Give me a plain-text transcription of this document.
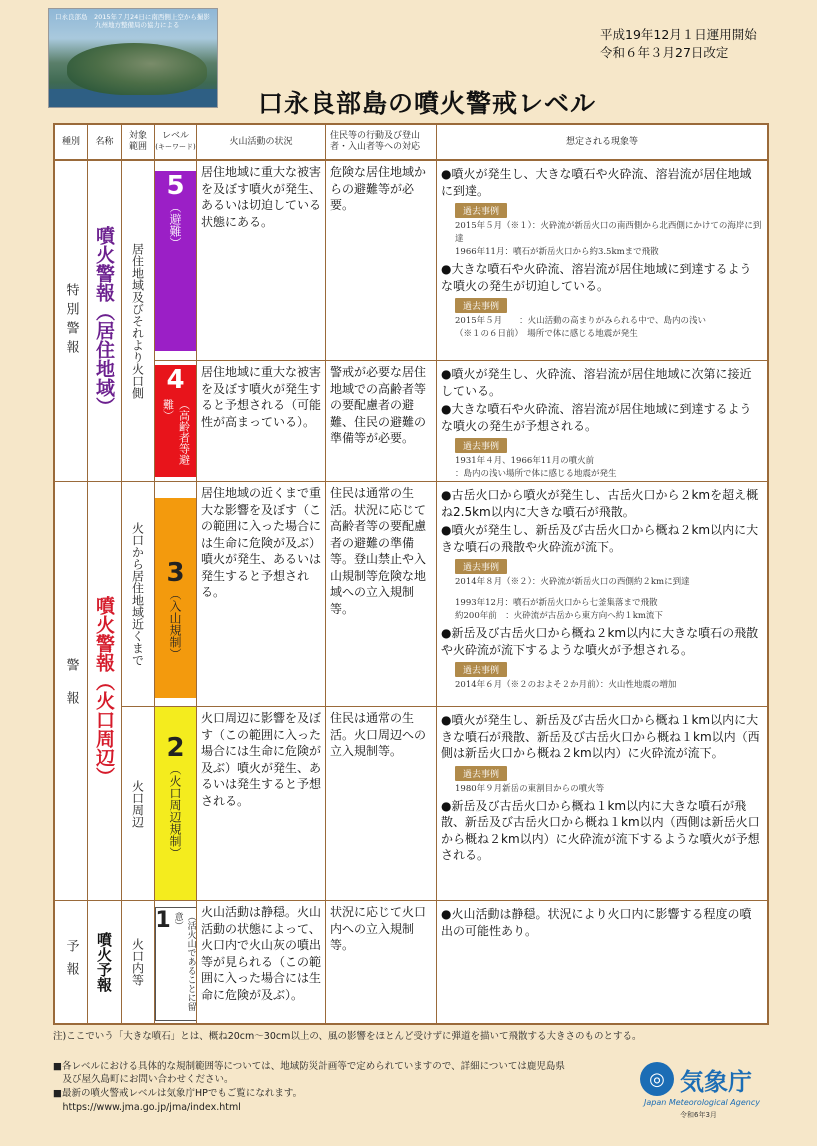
口永良部島　2015年７月24日に南西側上空から撮影
九州地方整備局の協力による
平成19年12月１日運用開始
令和６年３月27日改定
口永良部島の噴火警戒レベル
種別	名称
対象範囲
レベル
(キーワード)
火山活動の状況
住民等の行動及び登山者・入山者等への対応
想定される現象等
特別警報
警報
予報
噴火警報（居住地域）
噴火警報（火口周辺）
噴火予報
居住地域及びそれより火口側
火口から居住地域近くまで
火口周辺
火口内等
5
（避難）
4
（高齢者等避難）
3
（入山規制）
2
（火口周辺規制）
1	（活火山であることに留意）
居住地域に重大な被害を及ぼす噴火が発生、あるいは切迫している状態にある。
居住地域に重大な被害を及ぼす噴火が発生すると予想される（可能性が高まっている）。
居住地域の近くまで重大な影響を及ぼす（この範囲に入った場合には生命に危険が及ぶ）噴火が発生、あるいは発生すると予想される。
火口周辺に影響を及ぼす（この範囲に入った場合には生命に危険が及ぶ）噴火が発生、あるいは発生すると予想される。
火山活動は静穏。火山活動の状態によって、火口内で火山灰の噴出等が見られる（この範囲に入った場合には生命に危険が及ぶ）。
危険な居住地域からの避難等が必要。
警戒が必要な居住地域での高齢者等の要配慮者の避難、住民の避難の準備等が必要。
住民は通常の生活。状況に応じて高齢者等の要配慮者の避難の準備等。登山禁止や入山規制等危険な地域への立入規制等。
住民は通常の生活。火口周辺への立入規制等。
状況に応じて火口内への立入規制等。
●噴火が発生し、大きな噴石や火砕流、溶岩流が居住地域に到達。
過去事例
2015年５月（※１）：火砕流が新岳火口の南西側から北西側にかけての海岸に到達
1966年11月：噴石が新岳火口から約3.5kmまで飛散
●大きな噴石や火砕流、溶岩流が居住地域に到達するような噴火の発生が切迫している。
過去事例
2015年５月　　：火山活動の高まりがみられる中で、島内の浅い
（※１の６日前）　場所で体に感じる地震が発生
●噴火が発生し、火砕流、溶岩流が居住地域に次第に接近している。
●大きな噴石や火砕流、溶岩流が居住地域に到達するような噴火の発生が予想される。
過去事例
1931年４月、1966年11月の噴火前
：島内の浅い場所で体に感じる地震が発生
●古岳火口から噴火が発生し、古岳火口から２kmを超え概ね2.5km以内に大きな噴石が飛散。
●噴火が発生し、新岳及び古岳火口から概ね２km以内に大きな噴石の飛散や火砕流が流下。
過去事例
2014年８月（※２）：火砕流が新岳火口の西側約２kmに到達
1993年12月：噴石が新岳火口から七釜集落まで飛散
約200年前　：火砕流が古岳から東方向へ約１km流下
●新岳及び古岳火口から概ね２km以内に大きな噴石の飛散や火砕流が流下するような噴火が予想される。
過去事例
2014年６月（※２のおよそ２か月前）：火山性地震の増加
●噴火が発生し、新岳及び古岳火口から概ね１km以内に大きな噴石が飛散、新岳及び古岳火口から概ね１km以内（西側は新岳火口から概ね２km以内）に火砕流が流下。
過去事例
1980年９月新岳の東割目からの噴火等
●新岳及び古岳火口から概ね１km以内に大きな噴石が飛散、新岳及び古岳火口から概ね１km以内（西側は新岳火口から概ね２km以内）に火砕流が流下するような噴火が予想される。
●火山活動は静穏。状況により火口内に影響する程度の噴出の可能性あり。
注)ここでいう「大きな噴石」とは、概ね20cm〜30cm以上の、風の影響をほとんど受けずに弾道を描いて飛散する大きさのものとする。
■各レベルにおける具体的な規制範囲等については、地域防災計画等で定められていますので、詳細については鹿児島県
　及び屋久島町にお問い合わせください。
■最新の噴火警戒レベルは気象庁HPでもご覧になれます。
　https://www.jma.go.jp/jma/index.html
◎ 気象庁
Japan Meteorological Agency
令和6年3月
